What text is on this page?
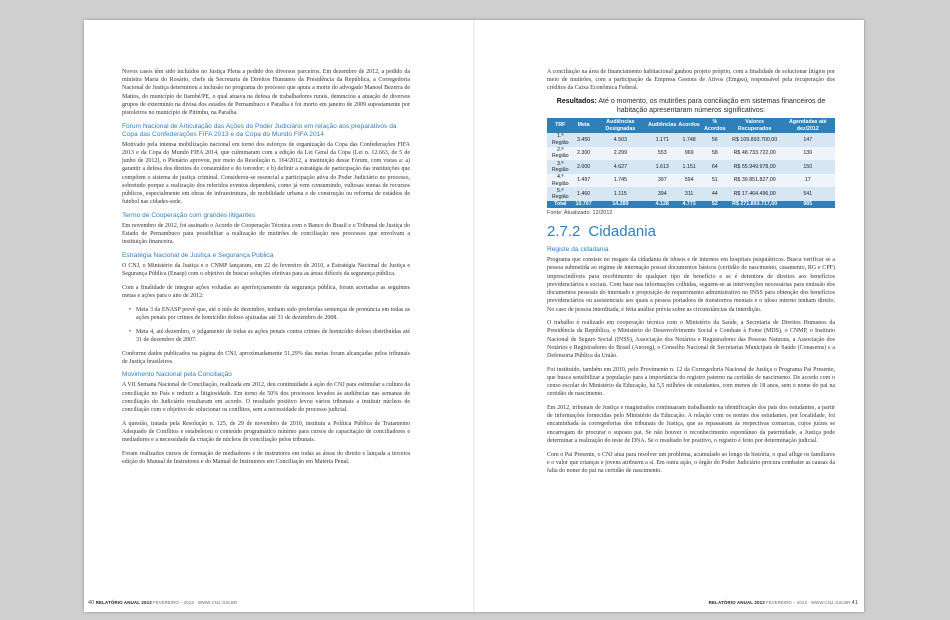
Novos casos têm sido incluídos no Justiça Plena a pedido dos diversos parceiros. Em dezembro de 2012, a pedido da ministra Maria do Rosário, chefe da Secretaria de Direitos Humanos da Presidência da República, a Corregedoria Nacional de Justiça determinou a inclusão no programa do processo que apura a morte do advogado Manoel Bezerra de Mattos, do município de Itambé/PE, o qual atuava na defesa de trabalhadores rurais, denunciou a atuação de diversos grupos de extermínio na divisa dos estados de Pernambuco e Paraíba e foi morto em janeiro de 2009 supostamente por pistoleiros no município de Pitimbu, na Paraíba.

Fórum Nacional de Articulação das Ações do Poder Judiciário em relação aos preparativos da Copa das Confederações FIFA 2013 e da Copa do Mundo FIFA 2014

Motivado pela intensa mobilização nacional em torno dos esforços de organização da Copa das Confederações FIFA 2013 e da Copa do Mundo FIFA 2014, que culminaram com a edição da Lei Geral da Copa (Lei n. 12.663, de 5 de junho de 2012), o Plenário aprovou, por meio da Resolução n. 164/2012, a instituição desse Fórum, com vistas a: a) garantir a defesa dos direitos do consumidor e do torcedor; e b) definir a estratégia de participação das instituições que compõem o sistema de justiça criminal. Considerou-se essencial a participação ativa do Poder Judiciário no processo, sobretudo porque a realização dos referidos eventos dependerá, como já vem consumindo, vultosas somas de recursos públicos, especialmente em obras de infraestrutura, de mobilidade urbana e de construção ou reforma de estádios de futebol nas cidades-sede.

Termo de Cooperação com grandes litigantes

Em novembro de 2012, foi assinado o Acordo de Cooperação Técnica com o Banco do Brasil e o Tribunal de Justiça do Estado de Pernambuco para possibilitar a realização de mutirões de conciliação nos processos que envolvam a instituição financeira.

Estratégia Nacional de Justiça e Segurança Pública

O CNJ, o Ministério da Justiça e o CNMP lançaram, em 22 de fevereiro de 2010, a Estratégia Nacional de Justiça e Segurança Pública (Enasp) com o objetivo de buscar soluções efetivas para as áreas difíceis da segurança pública.

Com a finalidade de integrar ações voltadas ao aperfeiçoamento da segurança pública, foram acertadas as seguintes metas e ações para o ano de 2012:

• Meta 3 da ENASP prevê que, até o mês de dezembro, tenham sido proferidas sentenças de pronúncia em todas as ações penais por crimes de homicídio doloso ajuizadas até 31 de dezembro de 2008.
• Meta 4, até dezembro, o julgamento de todas as ações penais contra crimes de homicídio doloso distribuídas até 31 de dezembro de 2007.

Conforme dados publicados na página do CNJ, aproximadamente 51,29% das metas foram alcançadas pelos tribunais de Justiça brasileiros.

Movimento Nacional pela Conciliação

A VII Semana Nacional de Conciliação, realizada em 2012, deu continuidade à ação do CNJ para estimular a cultura da conciliação no País e reduzir a litigiosidade. Em torno de 50% dos processos levados às audiências nas semanas de conciliação do Judiciário resultaram em acordo. O resultado positivo levou vários tribunais a instituir núcleos de conciliação com o objetivo de solucionar os conflitos, sem a necessidade do processo judicial.

A questão, tratada pela Resolução n. 125, de 29 de novembro de 2010, instituiu a Política Pública de Tratamento Adequado de Conflitos e estabeleceu o conteúdo programático mínimo para cursos de capacitação de conciliadores e mediadores e a necessidade da criação de núcleos de conciliação pelos tribunais.

Foram realizados cursos de formação de mediadores e de instrutores em todas as áreas do direito e lançada a terceira edição do Manual de Instrutores e do Manual de Instrutores em Conciliação em Matéria Penal.

A conciliação na área de financiamento habitacional ganhou projeto próprio, com a finalidade de solucionar litígios por meio de mutirões, com a participação da Empresa Gestora de Ativos (Emgea), responsável pela recuperação dos créditos da Caixa Econômica Federal.

Resultados: Até o momento, os mutirões para conciliação em sistemas financeiros de habitação apresentaram números significativos:
TRF	Meta	Audiências Designadas	Audiências	Acordos	% Acordos	Valores Recuperados	Agendadas até dez/2012
1.ª Região	3.450	4.503	1.171	1.748	56	R$ 109.893.700,00	147
2.ª Região	2.300	2.299	553	969	58	R$ 48.733.722,00	130
3.ª Região	2.000	4.627	1.613	1.151	64	R$ 55.949.978,00	150
4.ª Região	1.497	1.745	397	594	51	R$ 39.851.827,00	17
5.ª Região	1.460	1.115	394	311	44	R$ 17.464.496,00	541
Total	10.707	14.289	4.128	4.773	52	R$ 271.893.717,00	985
Fonte: Atualizado: 12/2012
2.7.2 Cidadania
Registe da cidadania

Programa que consiste no resgate da cidadania de idosos e de internos em hospitais psiquiátricos. Busca verificar se a pessoa submetida ao regime de internação possui documentos básicos (certidão de nascimento, casamento, RG e CPF) imprescindíveis para recebimento de qualquer tipo de benefício e se é detentora de direitos aos benefícios previdenciários e sociais. Com base nas informações colhidas, seguem-se as intervenções necessárias para emissão dos documentos pessoais do internado e proposição de requerimento administrativo no INSS para obtenção dos benefícios previdenciários ou assistenciais aos quais a pessoa portadora de transtornos mentais e o idoso interno tenham direito. No caso de pessoa interditada, é feita análise prévia sobre as circunstâncias da interdição.

O trabalho é realizado em cooperação técnica com o Ministério da Saúde, a Secretaria de Direitos Humanos da Presidência da República, o Ministério do Desenvolvimento Social e Combate à Fome (MDS), o CNMP, o Instituto Nacional de Seguro Social (INSS), Associação dos Notários e Registradores das Pessoas Naturais, a Associação dos Notários e Registradores do Brasil (Anoreg), o Conselho Nacional de Secretarias Municipais de Saúde (Conasems) e a Defensoria Pública da União.

Foi instituído, também em 2010, pelo Provimento n. 12 da Corregedoria Nacional de Justiça o Programa Pai Presente, que busca sensibilizar a população para a importância do registro paterno na certidão de nascimento. De acordo com o censo escolar do Ministério da Educação, há 5,5 milhões de estudantes, com menos de 18 anos, sem o nome do pai na certidão de nascimento.

Em 2012, tribunais de Justiça e magistrados continuaram trabalhando na identificação dos pais dos estudantes, a partir de informações fornecidas pelo Ministério da Educação. A relação com os nomes dos estudantes, por localidade, foi encaminhada às corregedorias dos tribunais de Justiça, que as repassaram às respectivas comarcas, cujos juízes se encarregam de procurar o suposto pai. Se não houver o reconhecimento espontâneo da paternidade, a Justiça pode determinar a realização do teste de DNA. Se o resultado for positivo, o registro é feito por determinação judicial.

Com o Pai Presente, o CNJ atua para resolver um problema, acumulado ao longo da história, o qual aflige os familiares e o valor que crianças e jovens atribuem a si. Em outra ação, o órgão do Poder Judiciário procura combater as causas da falta do nome do pai na certidão de nascimento.

40 RELATÓRIO ANUAL 2012 FEVEREIRO – 2013 · WWW.CNJ.JUS.BR	RELATÓRIO ANUAL 2012 FEVEREIRO – 2013 · WWW.CNJ.JUS.BR 41
